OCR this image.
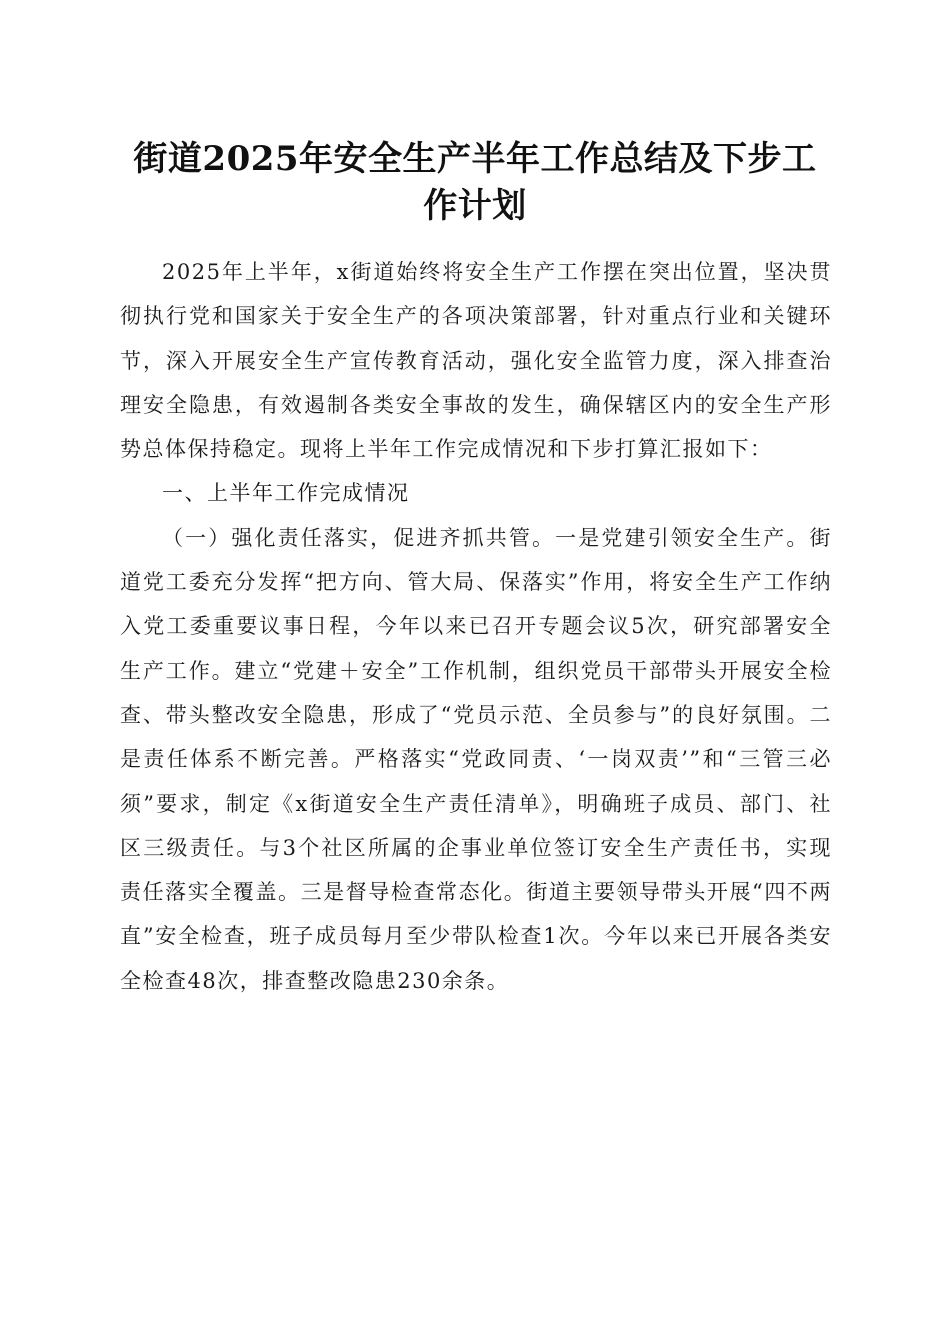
街道2025年安全生产半年工作总结及下步工作计划

2025年上半年，x街道始终将安全生产工作摆在突出位置，坚决贯彻执行党和国家关于安全生产的各项决策部署，针对重点行业和关键环节，深入开展安全生产宣传教育活动，强化安全监管力度，深入排查治理安全隐患，有效遏制各类安全事故的发生，确保辖区内的安全生产形势总体保持稳定。现将上半年工作完成情况和下步打算汇报如下：

一、上半年工作完成情况

（一）强化责任落实，促进齐抓共管。一是党建引领安全生产。街道党工委充分发挥“把方向、管大局、保落实”作用，将安全生产工作纳入党工委重要议事日程，今年以来已召开专题会议5次，研究部署安全生产工作。建立“党建＋安全”工作机制，组织党员干部带头开展安全检查、带头整改安全隐患，形成了“党员示范、全员参与”的良好氛围。二是责任体系不断完善。严格落实“党政同责、‘一岗双责’”和“三管三必须”要求，制定《x街道安全生产责任清单》，明确班子成员、部门、社区三级责任。与3个社区所属的企事业单位签订安全生产责任书，实现责任落实全覆盖。三是督导检查常态化。街道主要领导带头开展“四不两直”安全检查，班子成员每月至少带队检查1次。今年以来已开展各类安全检查48次，排查整改隐患230余条。
